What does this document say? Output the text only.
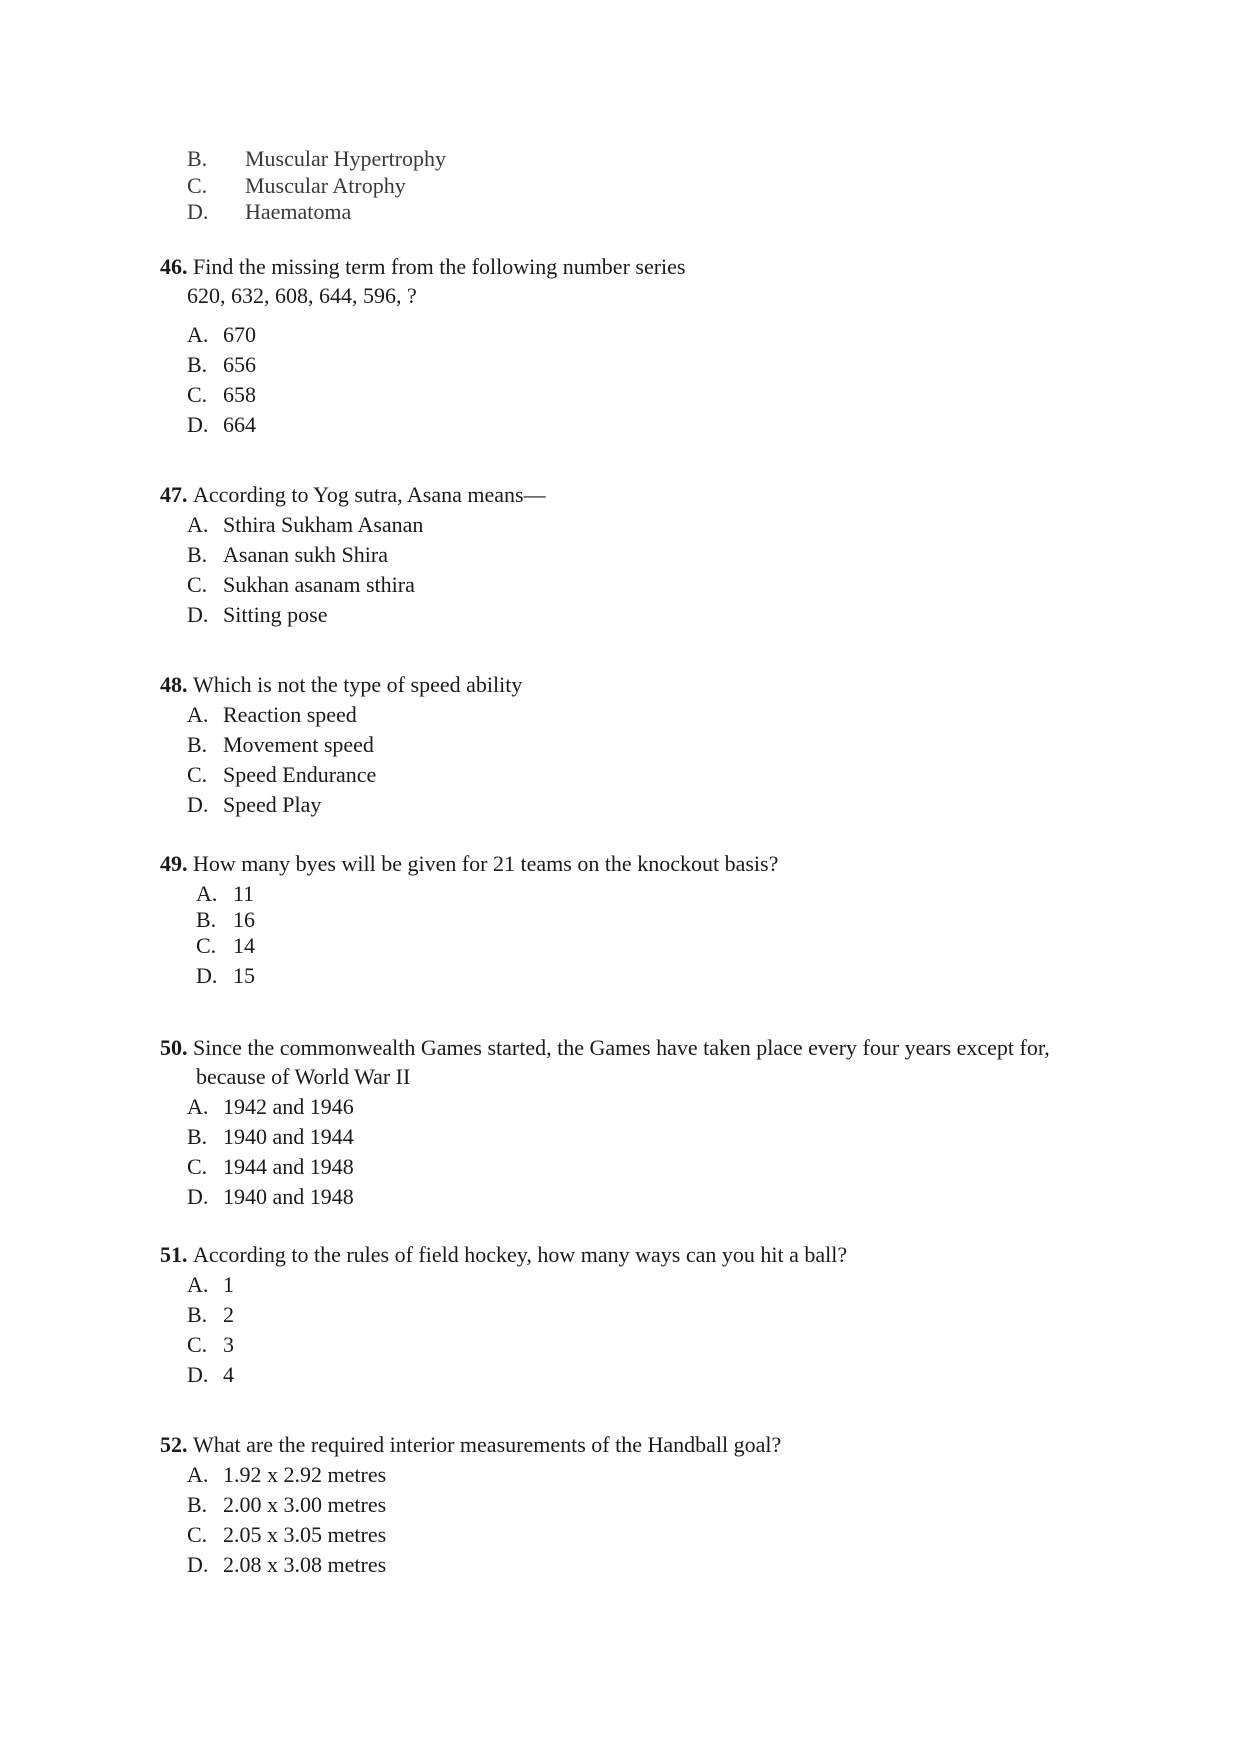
B. Muscular Hypertrophy
C. Muscular Atrophy
D. Haematoma
46. Find the missing term from the following number series
620, 632, 608, 644, 596, ?
A. 670
B. 656
C. 658
D. 664
47. According to Yog sutra, Asana means—
A. Sthira Sukham Asanan
B. Asanan sukh Shira
C. Sukhan asanam sthira
D. Sitting pose
48. Which is not the type of speed ability
A. Reaction speed
B. Movement speed
C. Speed Endurance
D. Speed Play
49. How many byes will be given for 21 teams on the knockout basis?
A. 11
B. 16
C. 14
D. 15
50. Since the commonwealth Games started, the Games have taken place every four years except for,
because of World War II
A. 1942 and 1946
B. 1940 and 1944
C. 1944 and 1948
D. 1940 and 1948
51. According to the rules of field hockey, how many ways can you hit a ball?
A. 1
B. 2
C. 3
D. 4
52. What are the required interior measurements of the Handball goal?
A. 1.92 x 2.92 metres
B. 2.00 x 3.00 metres
C. 2.05 x 3.05 metres
D. 2.08 x 3.08 metres
